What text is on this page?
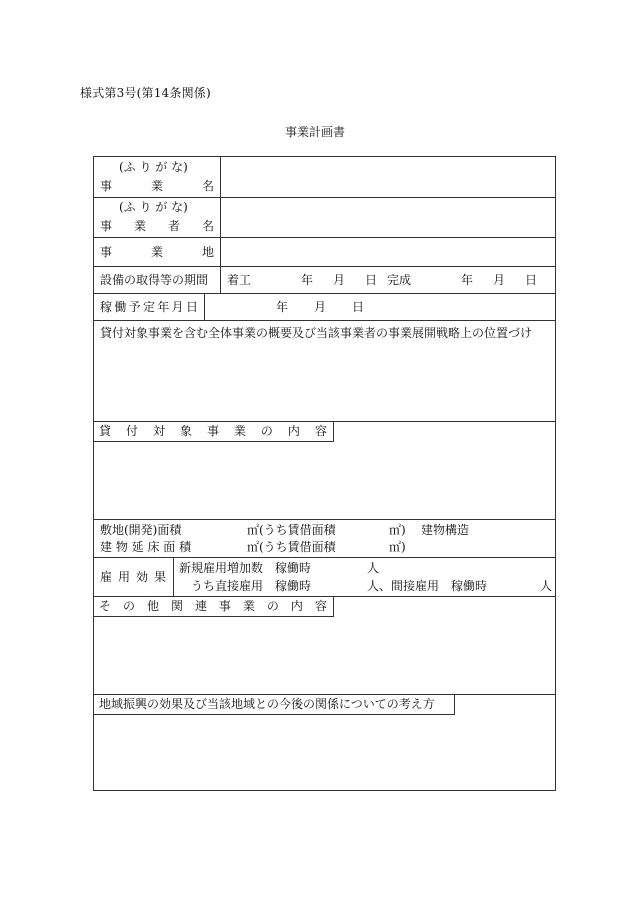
様式第3号(第14条関係)
事業計画書
(ふ り が な)
事	業	名
(ふ り が な)
事 業 者 名
事	業	地
設備の取得等の期間 着工	年 月 日 完成	年 月 日
稼 働 予 定 年 月 日	年 月 日
貸付対象事業を含む全体事業の概要及び当該事業者の事業展開戦略上の位置づけ
貸 付 対 象 事 業 の 内 容
敷地(開発)面積	㎡(うち賃借面積	㎡) 建物構造
建 物 延 床 面 積	㎡(うち賃借面積	㎡)
雇 用 効 果
新規雇用増加数　稼働時	人
うち直接雇用　稼働時	人、間接雇用　稼働時	人
そ の 他 関 連 事 業 の 内 容
地域振興の効果及び当該地域との今後の関係についての考え方
